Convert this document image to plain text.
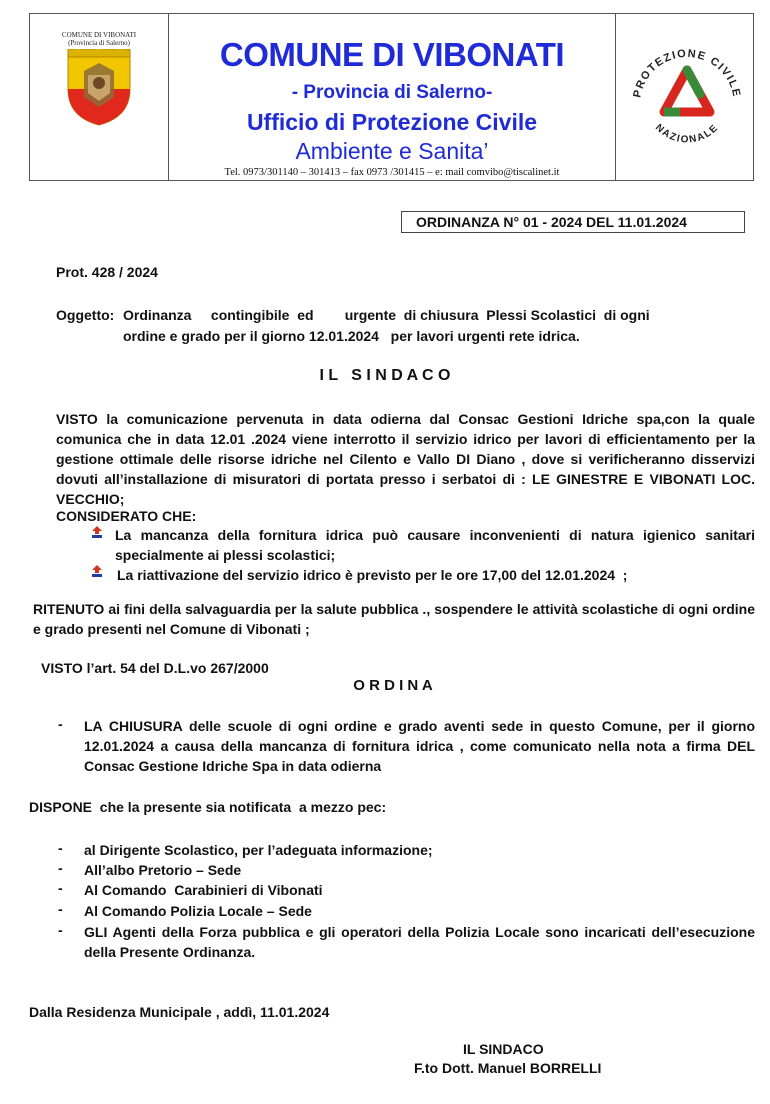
COMUNE DI VIBONATI
(Provincia di Salerno)	COMUNE DI VIBONATI
- Provincia di Salerno-
Ufficio di Protezione Civile
Ambiente e Sanita’
Tel. 0973/301140 – 301413 – fax 0973 /301415 – e: mail comvibo@tiscalinet.it
PROTEZIONE CIVILE
NAZIONALE
ORDINANZA N° 01 - 2024 DEL 11.01.2024
Prot. 428 / 2024
Oggetto: Ordinanza     contingibile  ed        urgente  di chiusura  Plessi Scolastici  di ogni
ordine e grado per il giorno 12.01.2024   per lavori urgenti rete idrica.
I L   S I N D A C O
VISTO la comunicazione pervenuta in data odierna dal Consac Gestioni Idriche spa,con la quale comunica che in data 12.01 .2024 viene interrotto il servizio idrico per lavori di efficientamento per la gestione ottimale delle risorse idriche nel Cilento e Vallo DI Diano , dove si verificheranno disservizi dovuti all’installazione di misuratori di portata presso i serbatoi di : LE GINESTRE E VIBONATI LOC. VECCHIO;
CONSIDERATO CHE:
La mancanza della fornitura idrica può causare inconvenienti di natura igienico sanitari specialmente ai plessi scolastici;
La riattivazione del servizio idrico è previsto per le ore 17,00 del 12.01.2024  ;
RITENUTO ai fini della salvaguardia per la salute pubblica ., sospendere le attività scolastiche di ogni ordine e grado presenti nel Comune di Vibonati ;
VISTO l’art. 54 del D.L.vo 267/2000
O R D I N A
- LA CHIUSURA delle scuole di ogni ordine e grado aventi sede in questo Comune, per il giorno 12.01.2024 a causa della mancanza di fornitura idrica , come comunicato nella nota a firma DEL Consac Gestione Idriche Spa in data odierna
DISPONE  che la presente sia notificata  a mezzo pec:
- al Dirigente Scolastico, per l’adeguata informazione;
- All’albo Pretorio – Sede
- Al Comando  Carabinieri di Vibonati
- Al Comando Polizia Locale – Sede
- GLI Agenti della Forza pubblica e gli operatori della Polizia Locale sono incaricati dell’esecuzione della Presente Ordinanza.
Dalla Residenza Municipale , addì, 11.01.2024
IL SINDACO
F.to Dott. Manuel BORRELLI
